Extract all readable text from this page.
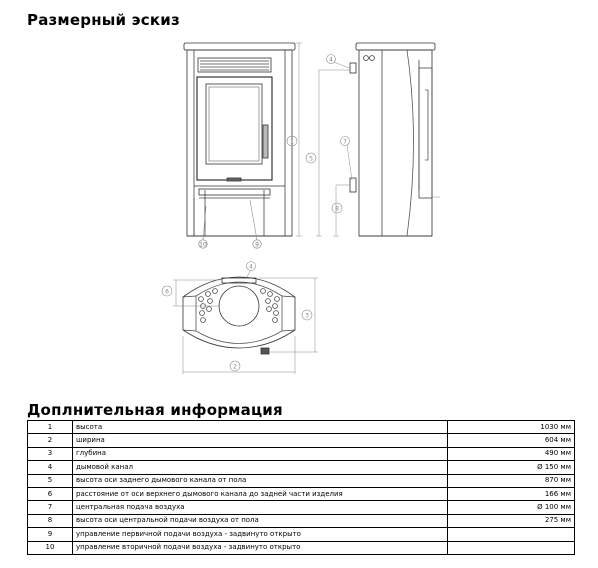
Размерный эскиз
10	9
1
5
8
4
7
4
6
3
2
Доплнительная информация
1	высота	1030 мм
2	ширина	604 мм
3	глубина	490 мм
4	дымовой канал	Ø 150 мм
5	высота оси заднего дымового канала от пола	870 мм
6	расстояние от оси верхнего дымового канала до задней части изделия	166 мм
7	центральная подача воздуха	Ø 100 мм
8	высота оси центральной подачи воздуха от пола	275 мм
9	управление первичной подачи воздуха - задвинуто открыто	
10	управление вторичной подачи воздуха - задвинуто открыто	
